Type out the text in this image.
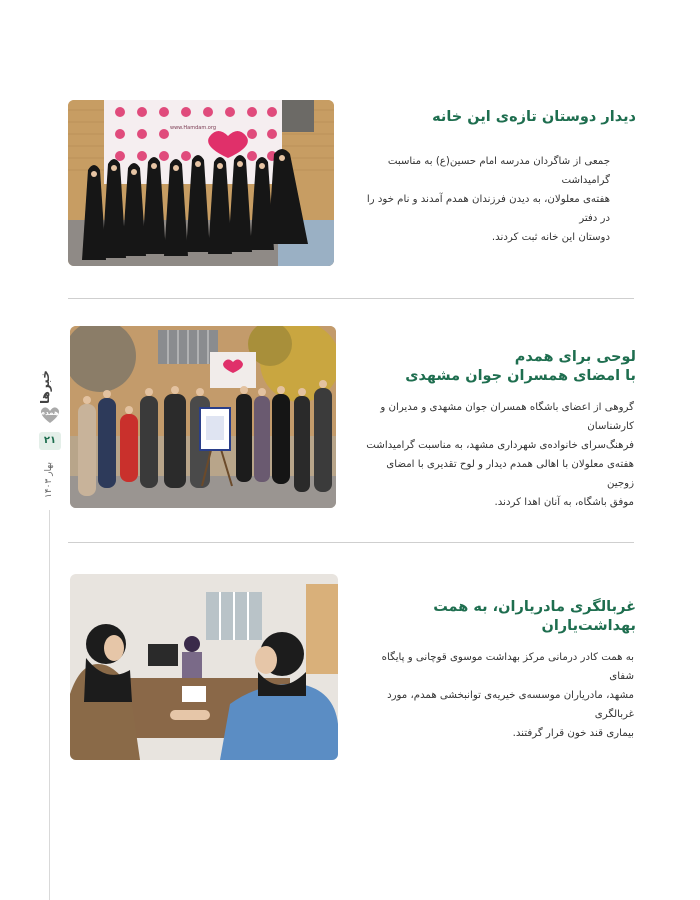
www.Hamdam.org
دیدار دوستان تازه‌ی این خانه
جمعی از شاگردان مدرسه امام حسین(ع) به مناسبت گرامیداشت
هفته‌ی معلولان، به دیدن فرزندان همدم آمدند و نام خود را در دفتر
دوستان این خانه ثبت کردند.
لوحی برای همدم
با امضای همسران جوان مشهدی
گروهی از اعضای باشگاه همسران جوان مشهدی و مدیران و کارشناسان
فرهنگ‌سرای خانواده‌ی شهرداری مشهد، به مناسبت گرامیداشت
هفته‌ی معلولان با اهالی همدم دیدار و لوح تقدیری با امضای زوجین
موفق باشگاه، به آنان اهدا کردند.
غربالگری مادریاران، به همت بهداشت‌یاران
به همت کادر درمانی مرکز بهداشت موسوی قوچانی و پایگاه شفای
مشهد، مادریاران موسسه‌ی خیریه‌ی توانبخشی همدم، مورد غربالگری
بیماری قند خون قرار گرفتند.
خبرها
همدم
۲۱
بهار ۱۴۰۳
